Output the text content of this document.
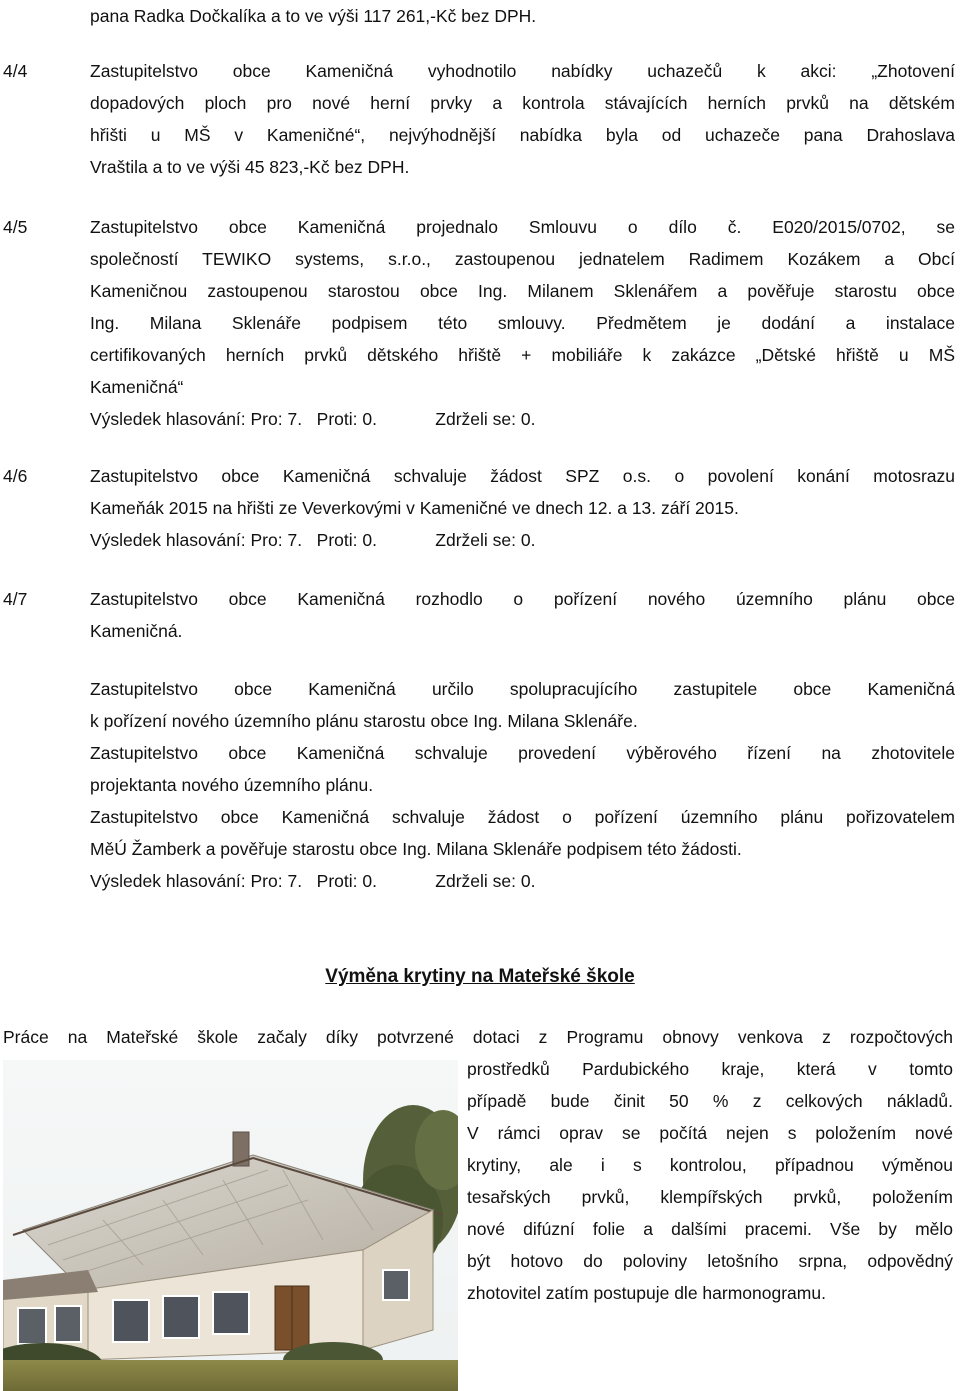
pana Radka Dočkalíka a to ve výši 117 261,-Kč bez DPH.
4/4	Zastupitelstvo obce Kameničná vyhodnotilo nabídky uchazečů k akci: „Zhotovení
dopadových ploch pro nové herní prvky a kontrola stávajících herních prvků na dětském
hřišti u MŠ v Kameničné“, nejvýhodnější nabídka byla od uchazeče pana Drahoslava
Vraštila a to ve výši 45 823,-Kč bez DPH.
4/5	Zastupitelstvo obce Kameničná projednalo Smlouvu o dílo č. E020/2015/0702, se
společností TEWIKO systems, s.r.o., zastoupenou jednatelem Radimem Kozákem a Obcí
Kameničnou zastoupenou starostou obce Ing. Milanem Sklenářem a pověřuje starostu obce
Ing. Milana Sklenáře podpisem této smlouvy. Předmětem je dodání a instalace
certifikovaných herních prvků dětského hřiště + mobiliáře k zakázce „Dětské hřiště u MŠ
Kameničná“
Výsledek hlasování: Pro: 7.   Proti: 0.            Zdrželi se: 0.
4/6	Zastupitelstvo obce Kameničná schvaluje žádost SPZ o.s. o povolení konání motosrazu
Kameňák 2015 na hřišti ze Veverkovými v Kameničné ve dnech 12. a 13. září 2015.
Výsledek hlasování: Pro: 7.   Proti: 0.            Zdrželi se: 0.
4/7	Zastupitelstvo obce Kameničná rozhodlo o pořízení nového územního plánu obce
Kameničná.
Zastupitelstvo obce Kameničná určilo spolupracujícího zastupitele obce Kameničná
k pořízení nového územního plánu starostu obce Ing. Milana Sklenáře.
Zastupitelstvo obce Kameničná schvaluje provedení výběrového řízení na zhotovitele
projektanta nového územního plánu.
Zastupitelstvo obce Kameničná schvaluje žádost o pořízení územního plánu pořizovatelem
MěÚ Žamberk a pověřuje starostu obce Ing. Milana Sklenáře podpisem této žádosti.
Výsledek hlasování: Pro: 7.   Proti: 0.            Zdrželi se: 0.
Výměna krytiny na Mateřské škole
Práce na Mateřské škole začaly díky potvrzené dotaci z Programu obnovy venkova z rozpočtových
prostředků Pardubického kraje, která v tomto
případě bude činit 50 % z celkových nákladů.
V rámci oprav se počítá nejen s položením nové
krytiny, ale i s kontrolou, případnou výměnou
tesařských prvků, klempířských prvků, položením
nové difúzní folie a dalšími pracemi. Vše by mělo
být hotovo do poloviny letošního srpna, odpovědný
zhotovitel zatím postupuje dle harmonogramu.
